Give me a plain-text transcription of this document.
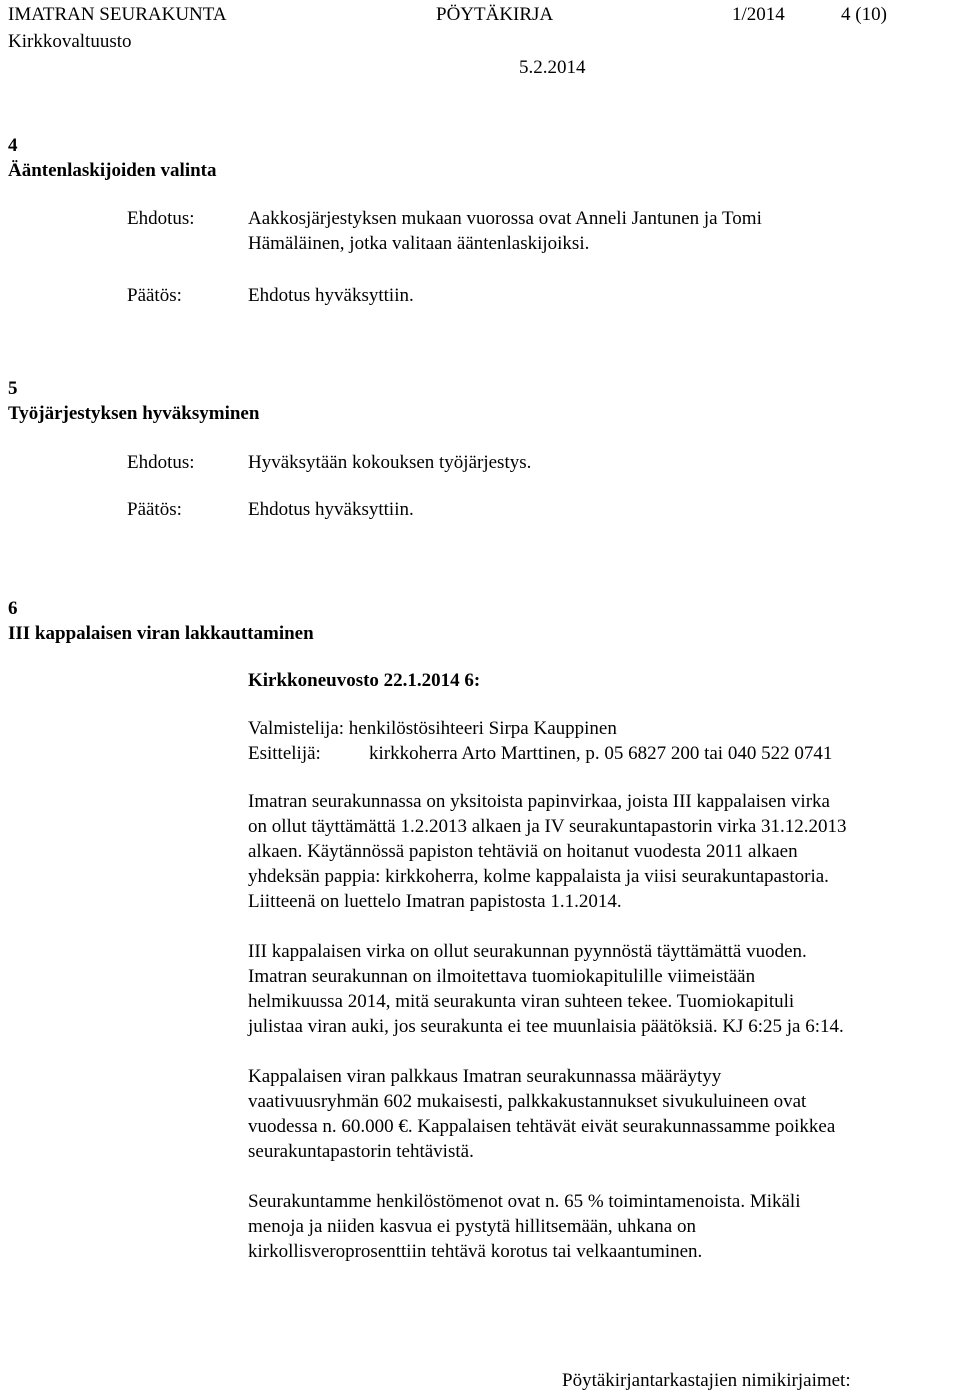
IMATRAN SEURAKUNTA	PÖYTÄKIRJA	1/2014	4 (10)
Kirkkovaltuusto
5.2.2014
4
Ääntenlaskijoiden valinta
Ehdotus:	Aakkosjärjestyksen mukaan vuorossa ovat Anneli Jantunen ja Tomi
Hämäläinen, jotka valitaan ääntenlaskijoiksi.
Päätös:	Ehdotus hyväksyttiin.
5
Työjärjestyksen hyväksyminen
Ehdotus:	Hyväksytään kokouksen työjärjestys.
Päätös:	Ehdotus hyväksyttiin.
6
III kappalaisen viran lakkauttaminen
Kirkkoneuvosto 22.1.2014 6:
Valmistelija: henkilöstösihteeri Sirpa Kauppinen
Esittelijä:	kirkkoherra Arto Marttinen, p. 05 6827 200 tai 040 522 0741
Imatran seurakunnassa on yksitoista papinvirkaa, joista III kappalaisen virka
on ollut täyttämättä 1.2.2013 alkaen ja IV seurakuntapastorin virka 31.12.2013
alkaen. Käytännössä papiston tehtäviä on hoitanut vuodesta 2011 alkaen
yhdeksän pappia: kirkkoherra, kolme kappalaista ja viisi seurakuntapastoria.
Liitteenä on luettelo Imatran papistosta 1.1.2014.
III kappalaisen virka on ollut seurakunnan pyynnöstä täyttämättä vuoden.
Imatran seurakunnan on ilmoitettava tuomiokapitulille viimeistään
helmikuussa 2014, mitä seurakunta viran suhteen tekee. Tuomiokapituli
julistaa viran auki, jos seurakunta ei tee muunlaisia päätöksiä. KJ 6:25 ja 6:14.
Kappalaisen viran palkkaus Imatran seurakunnassa määräytyy
vaativuusryhmän 602 mukaisesti, palkkakustannukset sivukuluineen ovat
vuodessa n. 60.000 €. Kappalaisen tehtävät eivät seurakunnassamme poikkea
seurakuntapastorin tehtävistä.
Seurakuntamme henkilöstömenot ovat n. 65 % toimintamenoista. Mikäli
menoja ja niiden kasvua ei pystytä hillitsemään, uhkana on
kirkollisveroprosenttiin tehtävä korotus tai velkaantuminen.
Pöytäkirjantarkastajien nimikirjaimet:
